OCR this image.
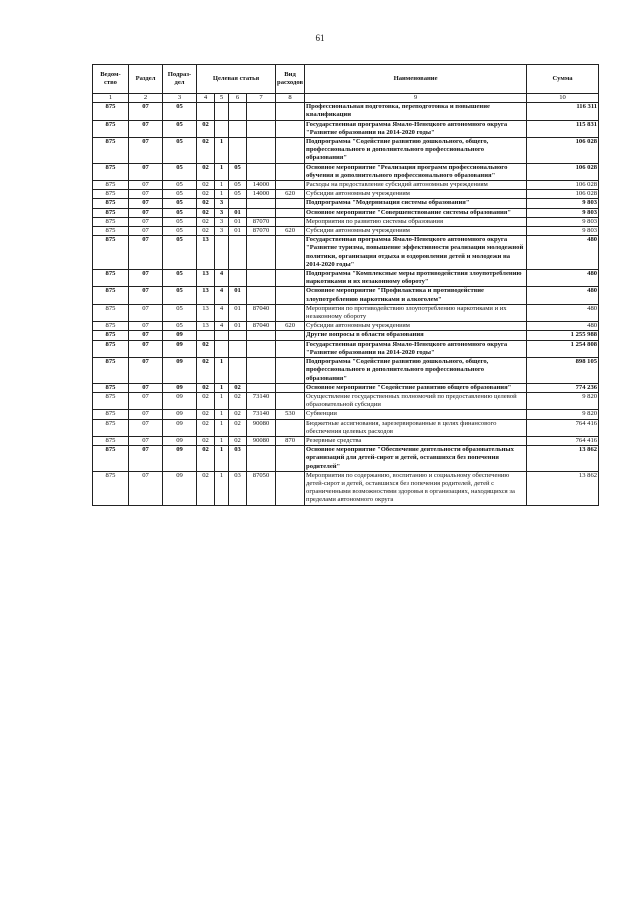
61
Ведом-ство	Раздел	Подраз-дел	Целевая статья				Вид расходов	Наименование	Сумма
1	2	3	4	5	6	7	8	9	10
875	07	05						Профессиональная подготовка, переподготовка и повышение квалификации	116 311
875	07	05	02					Государственная программа Ямало-Ненецкого автономного округа "Развитие образования на 2014-2020 годы"	115 831
875	07	05	02	1				Подпрограмма "Содействие развитию дошкольного, общего, профессионального и дополнительного профессионального образования"	106 028
875	07	05	02	1	05			Основное мероприятие "Реализация программ профессионального обучения и дополнительного профессионального образования"	106 028
875	07	05	02	1	05	14000		Расходы на предоставление субсидий автономным учреждениям	106 028
875	07	05	02	1	05	14000	620	Субсидии автономным учреждениям	106 028
875	07	05	02	3				Подпрограмма "Модернизация системы образования"	9 803
875	07	05	02	3	01			Основное мероприятие "Совершенствование системы образования"	9 803
875	07	05	02	3	01	87070		Мероприятия по развитию системы образования	9 803
875	07	05	02	3	01	87070	620	Субсидии автономным учреждениям	9 803
875	07	05	13					Государственная программа Ямало-Ненецкого автономного округа "Развитие туризма, повышение эффективности реализации молодежной политики, организация отдыха и оздоровления детей и молодежи на 2014-2020 годы"	480
875	07	05	13	4				Подпрограмма "Комплексные меры противодействия злоупотреблению наркотиками и их незаконному обороту"	480
875	07	05	13	4	01			Основное мероприятие "Профилактика и противодействие злоупотреблению наркотиками и алкоголем"	480
875	07	05	13	4	01	87040		Мероприятия по противодействию злоупотреблению наркотиками и их незаконному обороту	480
875	07	05	13	4	01	87040	620	Субсидии автономным учреждениям	480
875	07	09						Другие вопросы в области образования	1 255 988
875	07	09	02					Государственная программа Ямало-Ненецкого автономного округа "Развитие образования на 2014-2020 годы"	1 254 808
875	07	09	02	1				Подпрограмма "Содействие развитию дошкольного, общего, профессионального и дополнительного профессионального образования"	898 105
875	07	09	02	1	02			Основное мероприятие "Содействие развитию общего образования"	774 236
875	07	09	02	1	02	73140		Осуществление государственных полномочий по предоставлению целевой образовательной субсидии	9 820
875	07	09	02	1	02	73140	530	Субвенции	9 820
875	07	09	02	1	02	90080		Бюджетные ассигнования, зарезервированные в целях финансового обеспечения целевых расходов	764 416
875	07	09	02	1	02	90080	870	Резервные средства	764 416
875	07	09	02	1	03			Основное мероприятие "Обеспечение деятельности образовательных организаций для детей-сирот и детей, оставшихся без попечения родителей"	13 862
875	07	09	02	1	03	87050		Мероприятия по содержанию, воспитанию и социальному обеспечению детей-сирот и детей, оставшихся без попечения родителей, детей с ограниченными возможностями здоровья в организациях, находящихся за пределами автономного округа	13 862
